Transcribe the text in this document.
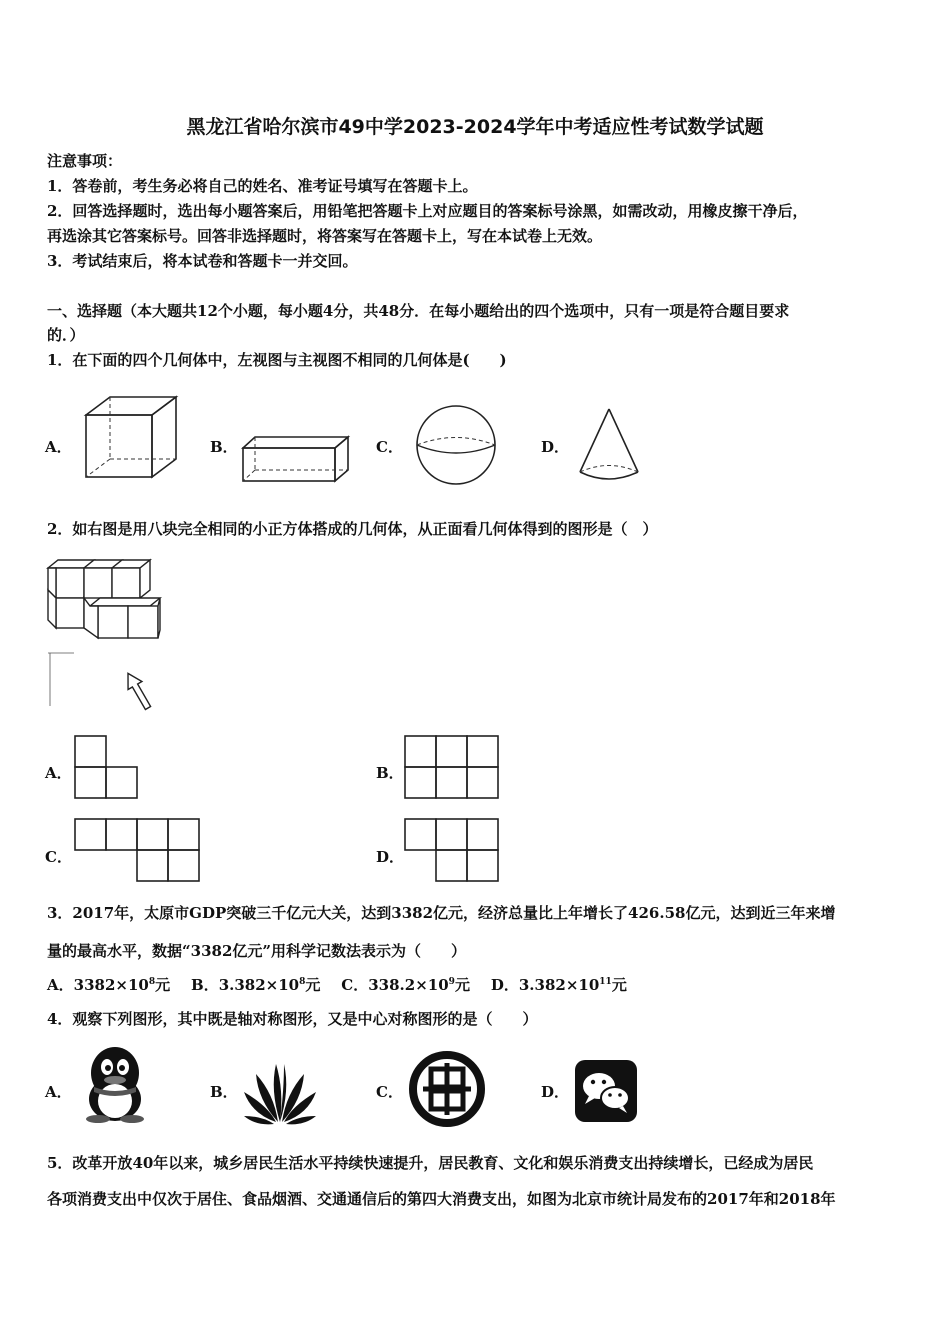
黑龙江省哈尔滨市49中学2023-2024学年中考适应性考试数学试题
注意事项：
1．答卷前，考生务必将自己的姓名、准考证号填写在答题卡上。
2．回答选择题时，选出每小题答案后，用铅笔把答题卡上对应题目的答案标号涂黑，如需改动，用橡皮擦干净后，
再选涂其它答案标号。回答非选择题时，将答案写在答题卡上，写在本试卷上无效。
3．考试结束后，将本试卷和答题卡一并交回。
一、选择题（本大题共12个小题，每小题4分，共48分．在每小题给出的四个选项中，只有一项是符合题目要求
的．）
1．在下面的四个几何体中，左视图与主视图不相同的几何体是(　　)
A．	B．	C．	D．
2．如右图是用八块完全相同的小正方体搭成的几何体，从正面看几何体得到的图形是（　）
A．	B．
C．	D．
3．2017年，太原市GDP突破三千亿元大关，达到3382亿元，经济总量比上年增长了426.58亿元，达到近三年来增
量的最高水平，数据“3382亿元”用科学记数法表示为（　　）
A．$3382\times 10^8$元 B．$3.382\times 10^8$元 C．$338.2\times 10^9$元 D．$3.382\times 10^{11}$元
4．观察下列图形，其中既是轴对称图形，又是中心对称图形的是（　　）
A．	B．	C．	D．
5．改革开放40年以来，城乡居民生活水平持续快速提升，居民教育、文化和娱乐消费支出持续增长，已经成为居民
各项消费支出中仅次于居住、食品烟酒、交通通信后的第四大消费支出，如图为北京市统计局发布的2017年和2018年
